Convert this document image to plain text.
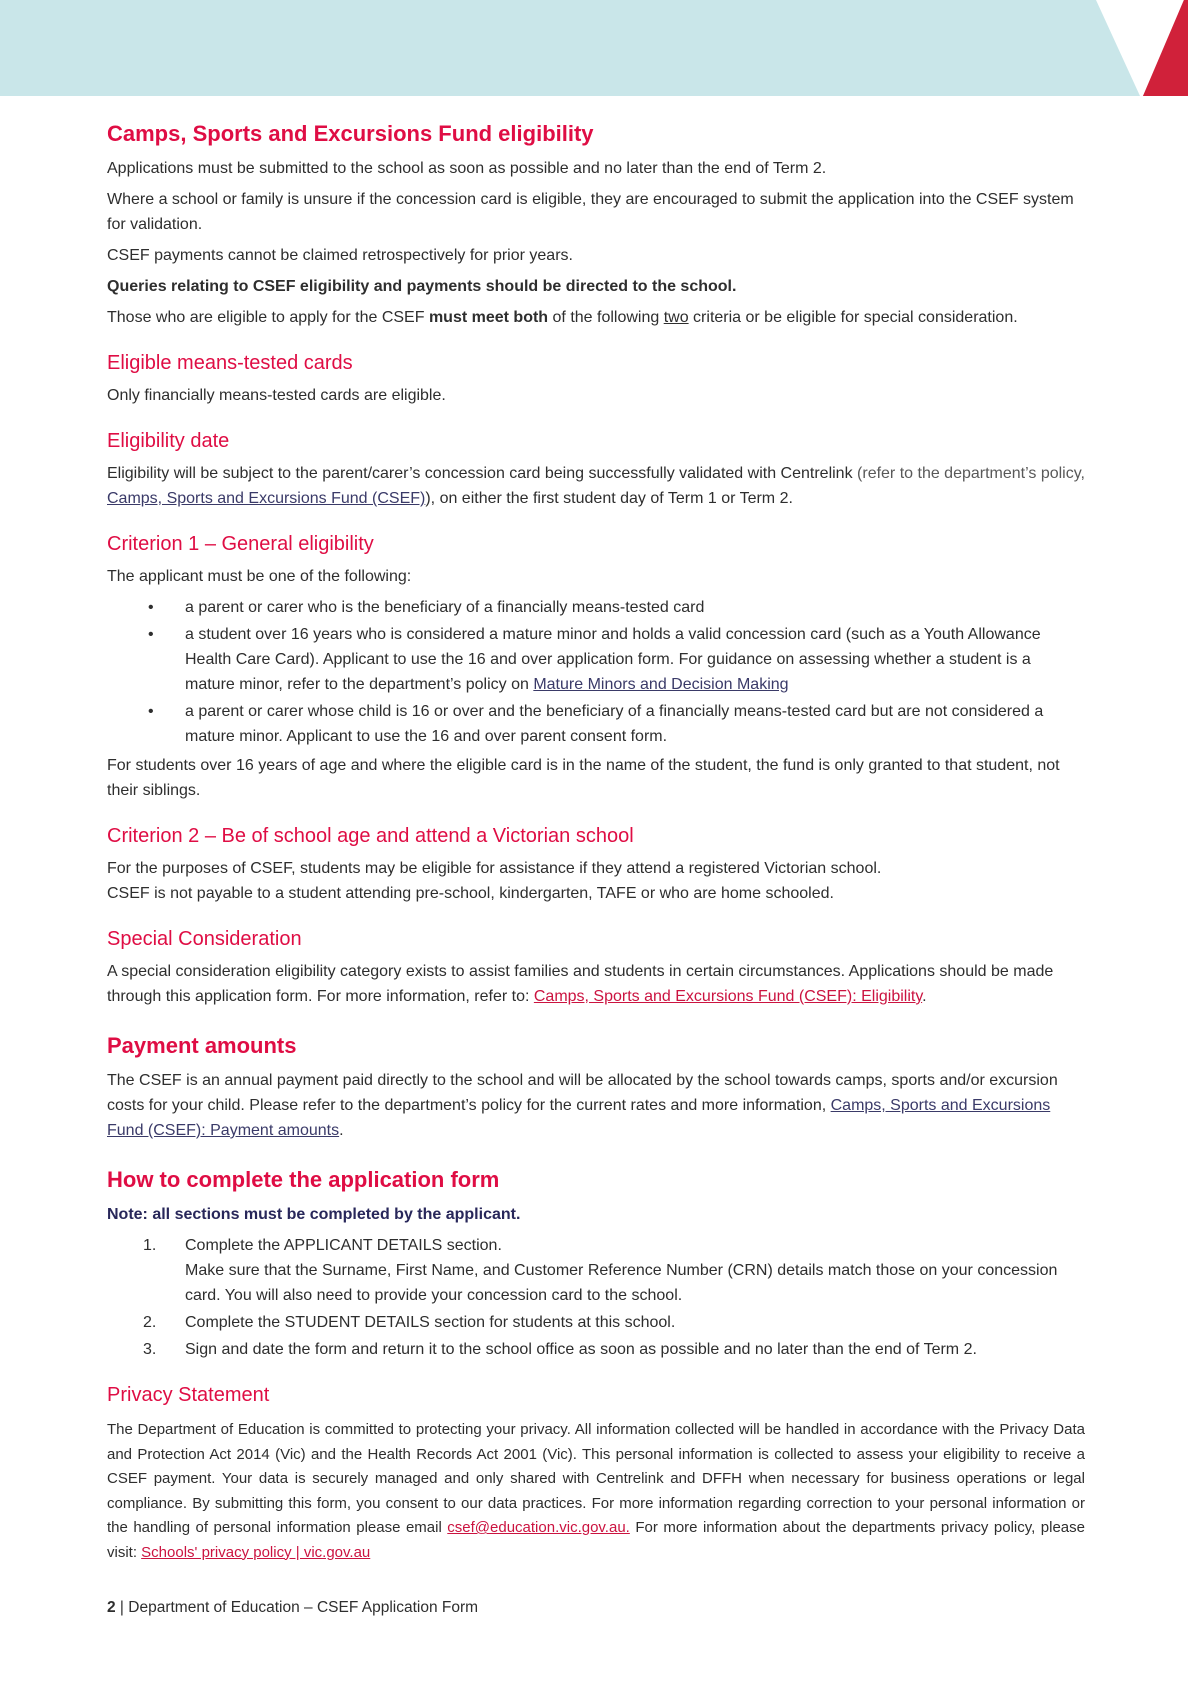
Camps, Sports and Excursions Fund eligibility

Applications must be submitted to the school as soon as possible and no later than the end of Term 2.

Where a school or family is unsure if the concession card is eligible, they are encouraged to submit the application into the CSEF system for validation.

CSEF payments cannot be claimed retrospectively for prior years.

Queries relating to CSEF eligibility and payments should be directed to the school.

Those who are eligible to apply for the CSEF must meet both of the following two criteria or be eligible for special consideration.

Eligible means-tested cards

Only financially means-tested cards are eligible.

Eligibility date

Eligibility will be subject to the parent/carer’s concession card being successfully validated with Centrelink (refer to the department’s policy, Camps, Sports and Excursions Fund (CSEF)), on either the first student day of Term 1 or Term 2.

Criterion 1 – General eligibility

The applicant must be one of the following:

• a parent or carer who is the beneficiary of a financially means-tested card
• a student over 16 years who is considered a mature minor and holds a valid concession card (such as a Youth Allowance Health Care Card). Applicant to use the 16 and over application form. For guidance on assessing whether a student is a mature minor, refer to the department’s policy on Mature Minors and Decision Making
• a parent or carer whose child is 16 or over and the beneficiary of a financially means-tested card but are not considered a mature minor. Applicant to use the 16 and over parent consent form.

For students over 16 years of age and where the eligible card is in the name of the student, the fund is only granted to that student, not their siblings.

Criterion 2 – Be of school age and attend a Victorian school

For the purposes of CSEF, students may be eligible for assistance if they attend a registered Victorian school.
CSEF is not payable to a student attending pre-school, kindergarten, TAFE or who are home schooled.

Special Consideration

A special consideration eligibility category exists to assist families and students in certain circumstances. Applications should be made through this application form. For more information, refer to: Camps, Sports and Excursions Fund (CSEF): Eligibility.

Payment amounts

The CSEF is an annual payment paid directly to the school and will be allocated by the school towards camps, sports and/or excursion costs for your child. Please refer to the department’s policy for the current rates and more information, Camps, Sports and Excursions Fund (CSEF): Payment amounts.

How to complete the application form

Note: all sections must be completed by the applicant.

1. Complete the APPLICANT DETAILS section.
Make sure that the Surname, First Name, and Customer Reference Number (CRN) details match those on your concession card. You will also need to provide your concession card to the school.
2. Complete the STUDENT DETAILS section for students at this school.
3. Sign and date the form and return it to the school office as soon as possible and no later than the end of Term 2.
Privacy Statement

The Department of Education is committed to protecting your privacy. All information collected will be handled in accordance with the Privacy Data and Protection Act 2014 (Vic) and the Health Records Act 2001 (Vic). This personal information is collected to assess your eligibility to receive a CSEF payment. Your data is securely managed and only shared with Centrelink and DFFH when necessary for business operations or legal compliance. By submitting this form, you consent to our data practices. For more information regarding correction to your personal information or the handling of personal information please email csef@education.vic.gov.au. For more information about the departments privacy policy, please visit: Schools' privacy policy | vic.gov.au

2 | Department of Education – CSEF Application Form
